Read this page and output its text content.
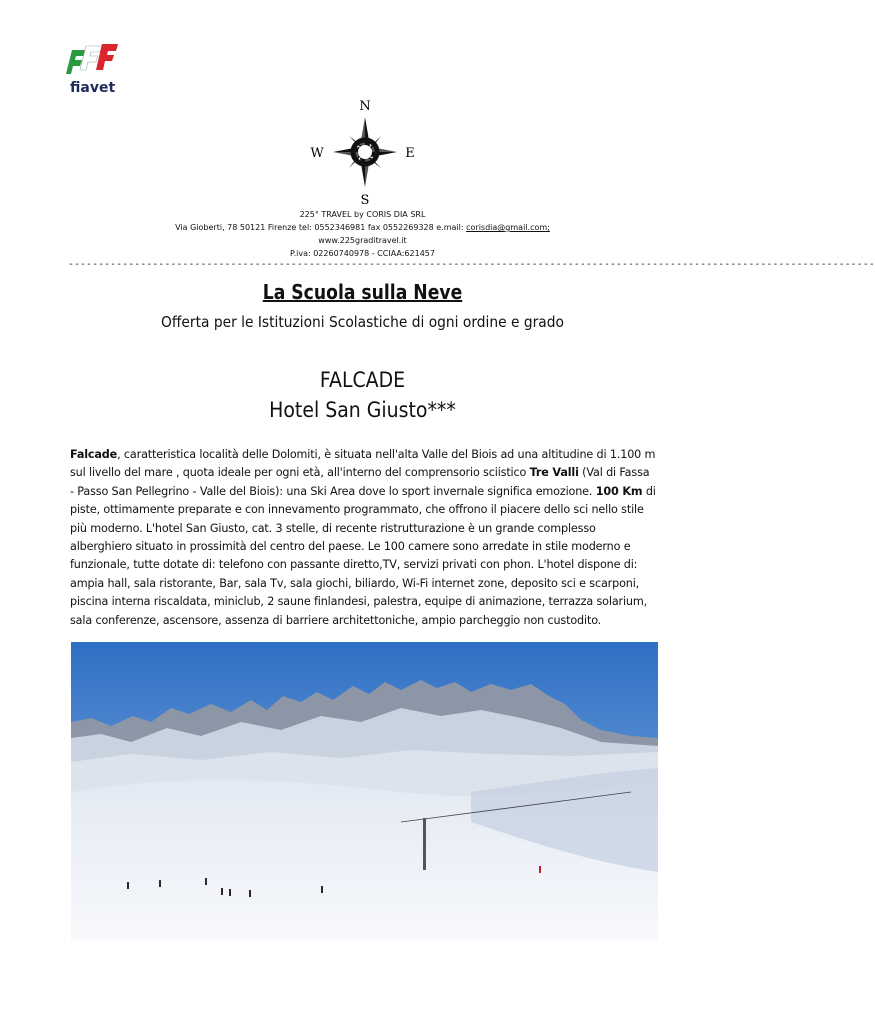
fiavet
N
S
W	E
225° TRAVEL by CORIS DIA SRL
Via Gioberti, 78 50121 Firenze tel: 0552346981 fax 0552269328 e.mail: corisdia@gmail.com;
www.225graditravel.it
P.iva: 02260740978 - CCIAA:621457
--------------------------------------------------------------------------------------------------------------------------------------
La Scuola sulla Neve
Offerta per le Istituzioni Scolastiche di ogni ordine e grado
FALCADE
Hotel San Giusto***
Falcade, caratteristica località delle Dolomiti, è situata nell'alta Valle del Biois ad una altitudine di 1.100 m sul livello del mare , quota ideale per ogni età, all'interno del comprensorio sciistico Tre Valli (Val di Fassa - Passo San Pellegrino - Valle del Biois): una Ski Area dove lo sport invernale significa emozione. 100 Km di piste, ottimamente preparate e con innevamento programmato, che offrono il piacere dello sci nello stile più moderno. L'hotel San Giusto, cat. 3 stelle, di recente ristrutturazione è un grande complesso alberghiero situato in prossimità del centro del paese. Le 100 camere sono arredate in stile moderno e funzionale, tutte dotate di: telefono con passante diretto,TV, servizi privati con phon. L'hotel dispone di: ampia hall, sala ristorante, Bar, sala Tv, sala giochi, biliardo, Wi-Fi internet zone, deposito sci e scarponi, piscina interna riscaldata, miniclub, 2 saune finlandesi, palestra, equipe di animazione, terrazza solarium, sala conferenze, ascensore, assenza di barriere architettoniche, ampio parcheggio non custodito.
